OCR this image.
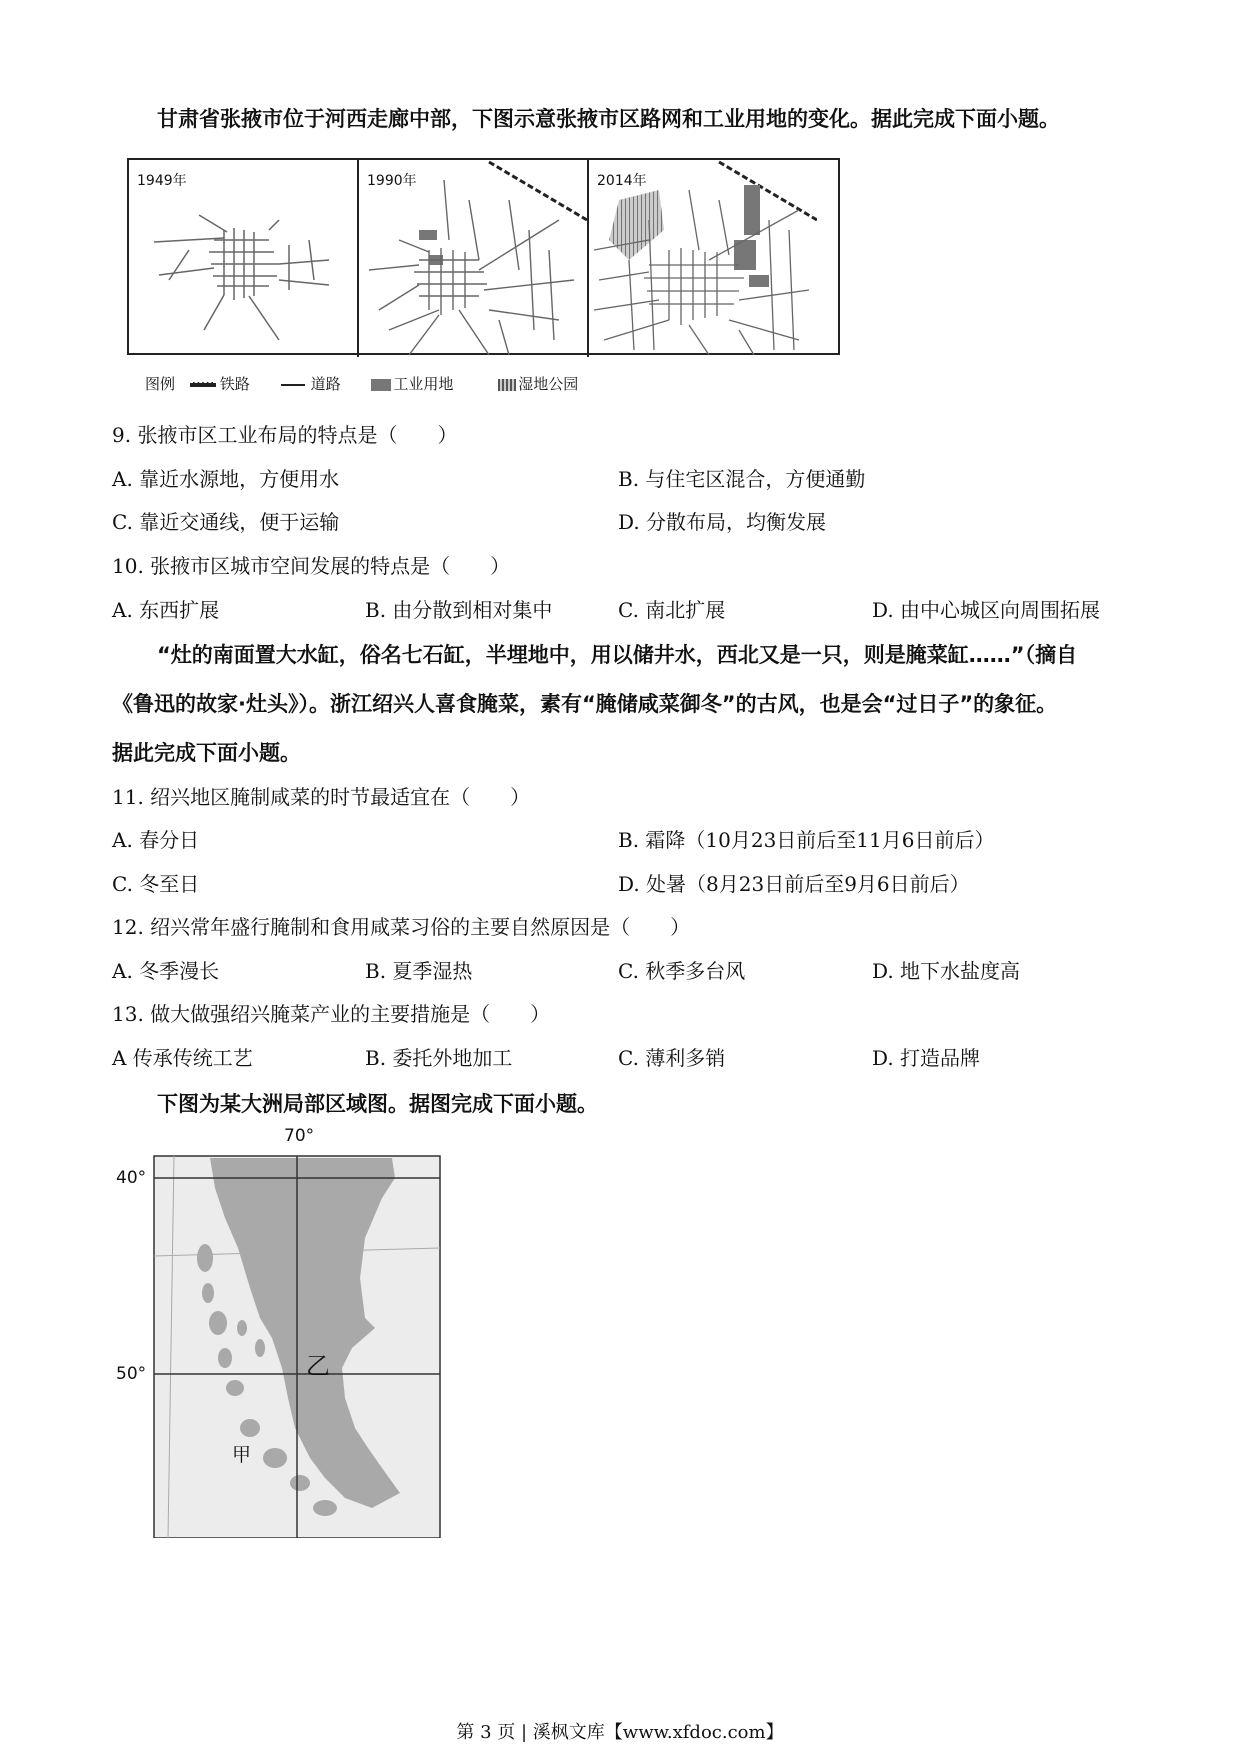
甘肃省张掖市位于河西走廊中部，下图示意张掖市区路网和工业用地的变化。据此完成下面小题。
1949年	1990年	2014年
图例	铁路	道路	工业用地	湿地公园
9. 张掖市区工业布局的特点是（　　）
A. 靠近水源地，方便用水	B. 与住宅区混合，方便通勤
C. 靠近交通线，便于运输	D. 分散布局，均衡发展
10. 张掖市区城市空间发展的特点是（　　）
A. 东西扩展	B. 由分散到相对集中	C. 南北扩展	D. 由中心城区向周围拓展
“灶的南面置大水缸，俗名七石缸，半埋地中，用以储井水，西北又是一只，则是腌菜缸……”（摘自
《鲁迅的故家·灶头》）。浙江绍兴人喜食腌菜，素有“腌储咸菜御冬”的古风，也是会“过日子”的象征。
据此完成下面小题。
11. 绍兴地区腌制咸菜的时节最适宜在（　　）
A. 春分日	B. 霜降（10月23日前后至11月6日前后）
C. 冬至日	D. 处暑（8月23日前后至9月6日前后）
12. 绍兴常年盛行腌制和食用咸菜习俗的主要自然原因是（　　）
A. 冬季漫长	B. 夏季湿热	C. 秋季多台风	D. 地下水盐度高
13. 做大做强绍兴腌菜产业的主要措施是（　　）
A 传承传统工艺	B. 委托外地加工	C. 薄利多销	D. 打造品牌
下图为某大洲局部区域图。据图完成下面小题。
70°
40°
50°	乙
甲
第 3 页 | 溪枫文库【www.xfdoc.com】
